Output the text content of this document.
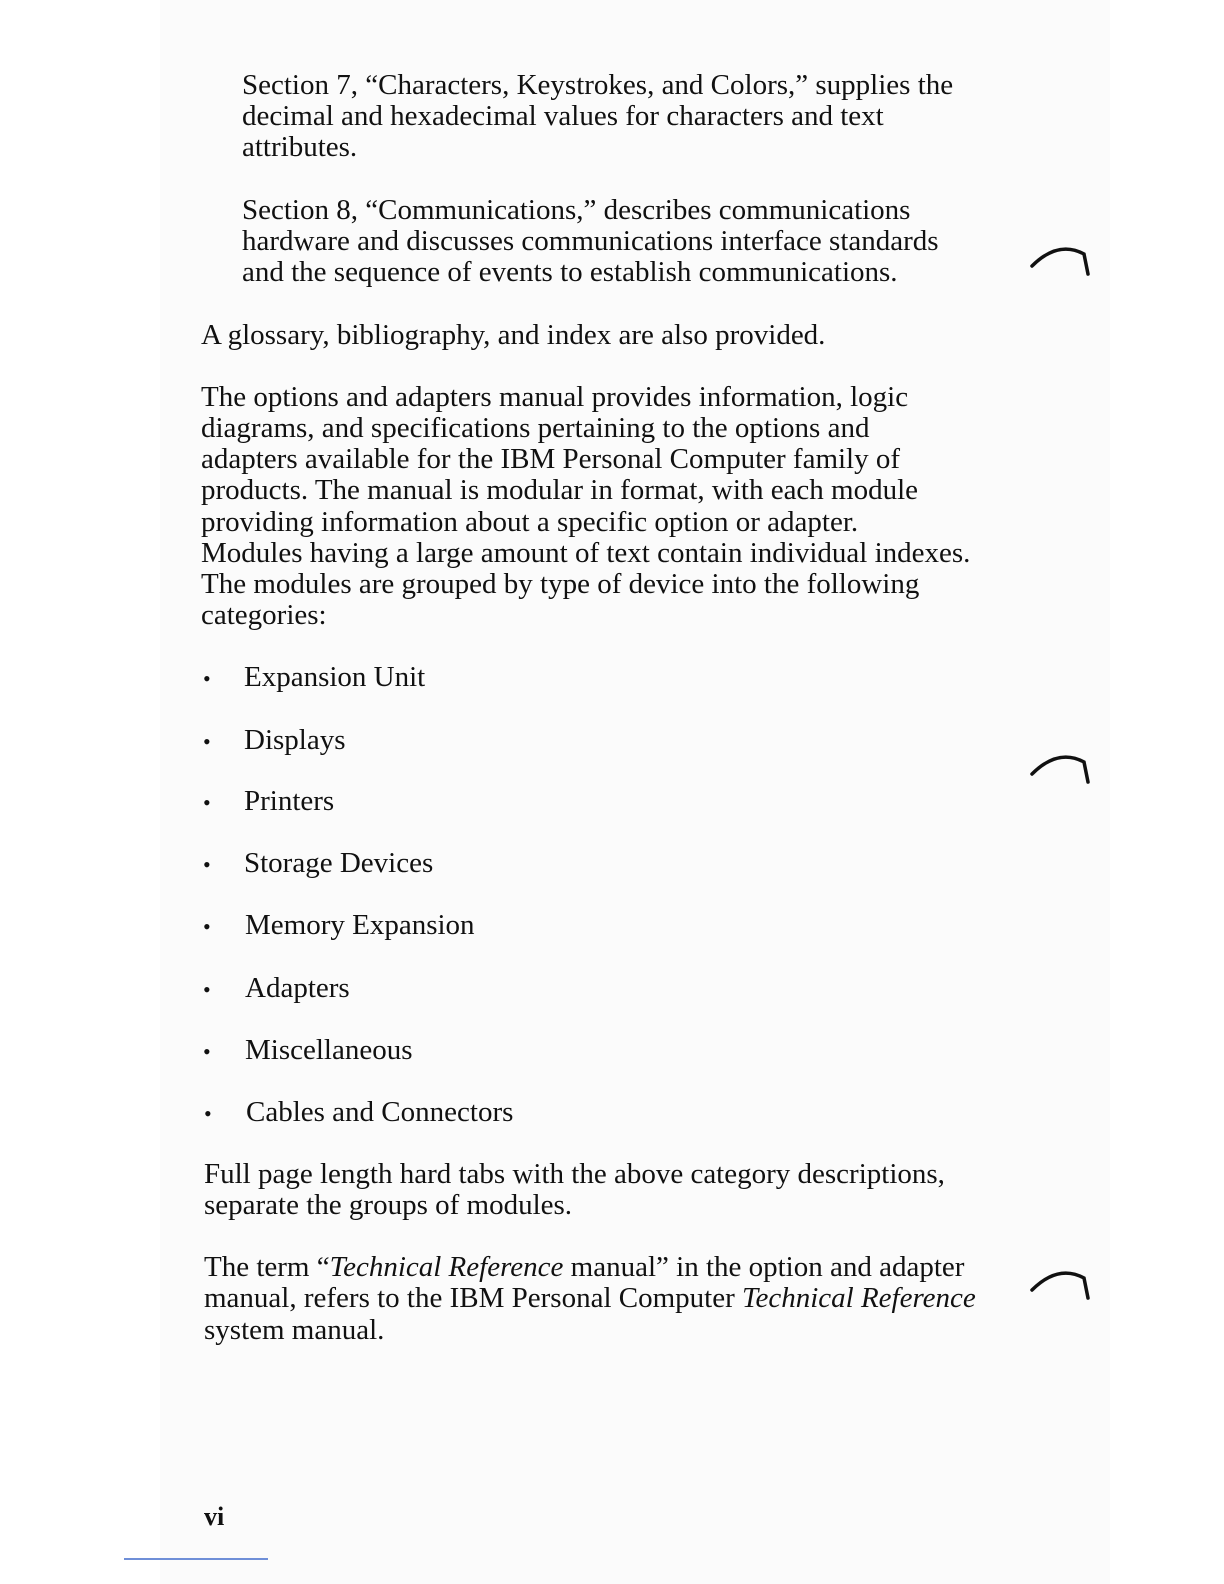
Section 7, “Characters, Keystrokes, and Colors,” supplies the

decimal and hexadecimal values for characters and text

attributes.

Section 8, “Communications,” describes communications

hardware and discusses communications interface standards

and the sequence of events to establish communications.

A glossary, bibliography, and index are also provided.

The options and adapters manual provides information, logic

diagrams, and specifications pertaining to the options and

adapters available for the IBM Personal Computer family of

products. The manual is modular in format, with each module

providing information about a specific option or adapter.

Modules having a large amount of text contain individual indexes.

The modules are grouped by type of device into the following

categories:

• Expansion Unit
• Displays
• Printers
• Storage Devices
• Memory Expansion
• Adapters
• Miscellaneous
• Cables and Connectors

Full page length hard tabs with the above category descriptions,

separate the groups of modules.

The term “Technical Reference manual” in the option and adapter

manual, refers to the IBM Personal Computer Technical Reference

system manual.

vi
